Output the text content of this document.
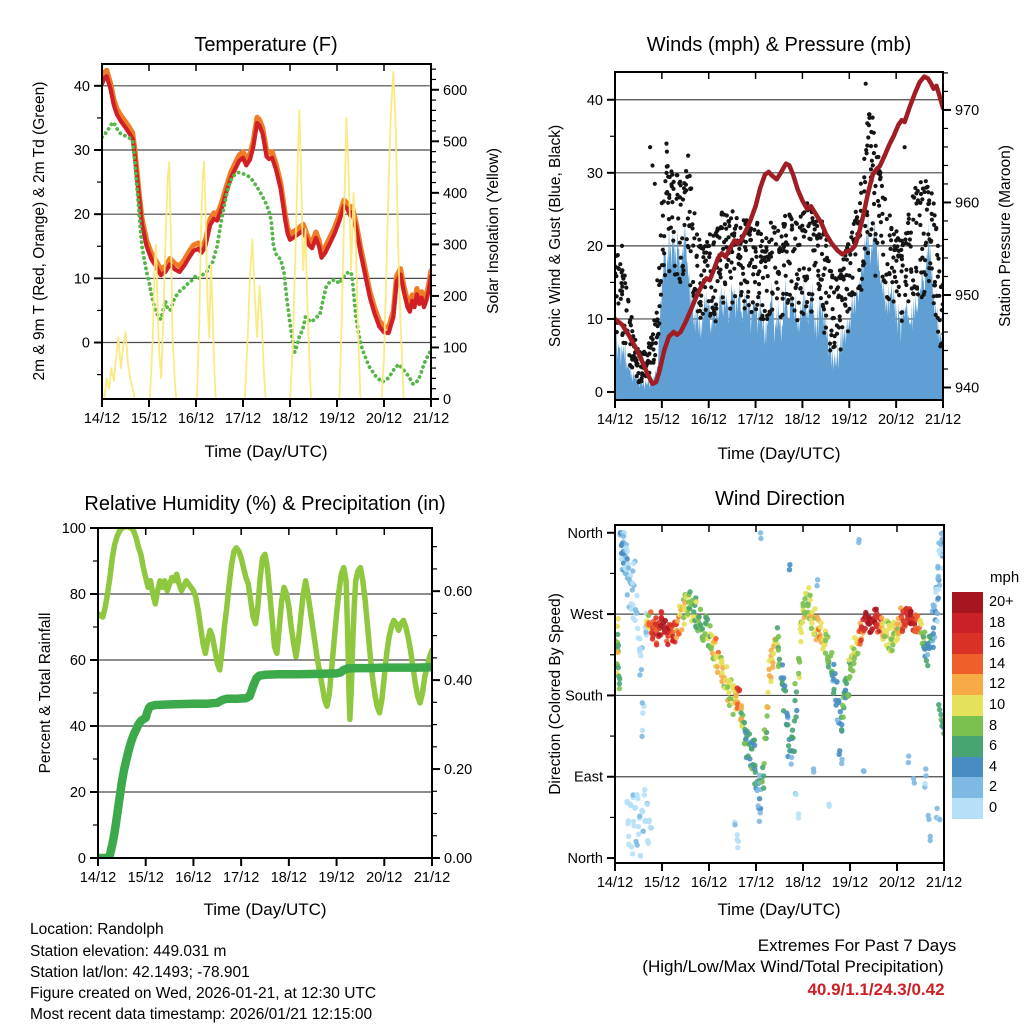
14/12 15/12 16/12 17/12 18/12 19/12 20/12 21/12
0
10
20
30
40
0
100
200
300
400
500
600
14/12 15/12 16/12 17/12 18/12 19/12 20/12 21/12
0
10
20
30
40
940
950
960
970
14/12 15/12 16/12 17/12 18/12 19/12 20/12 21/12
0
20
40
60
80
100
0.00
0.20
0.40
0.60
14/12 15/12 16/12 17/12 18/12 19/12 20/12 21/12
North
East
South
West
North
Temperature (F)	Winds (mph) & Pressure (mb)
Relative Humidity (%) & Precipitation (in)	Wind Direction
Time (Day/UTC)	Time (Day/UTC)
Time (Day/UTC)	Time (Day/UTC)
2m & 9m T (Red, Orange) & 2m Td (Green)	Solar Insolation (Yellow)	Sonic Wind & Gust (Blue, Black)	Station Pressure (Maroon)
Percent & Total Rainfall	Direction (Colored By Speed)
mph
20+
18
16
14
12
10
8
6
4
2
0
Location: Randolph
Station elevation: 449.031 m
Station lat/lon: 42.1493; -78.901
Figure created on Wed, 2026-01-21, at 12:30 UTC
Most recent data timestamp: 2026/01/21 12:15:00
Extremes For Past 7 Days
(High/Low/Max Wind/Total Precipitation)
40.9/1.1/24.3/0.42
